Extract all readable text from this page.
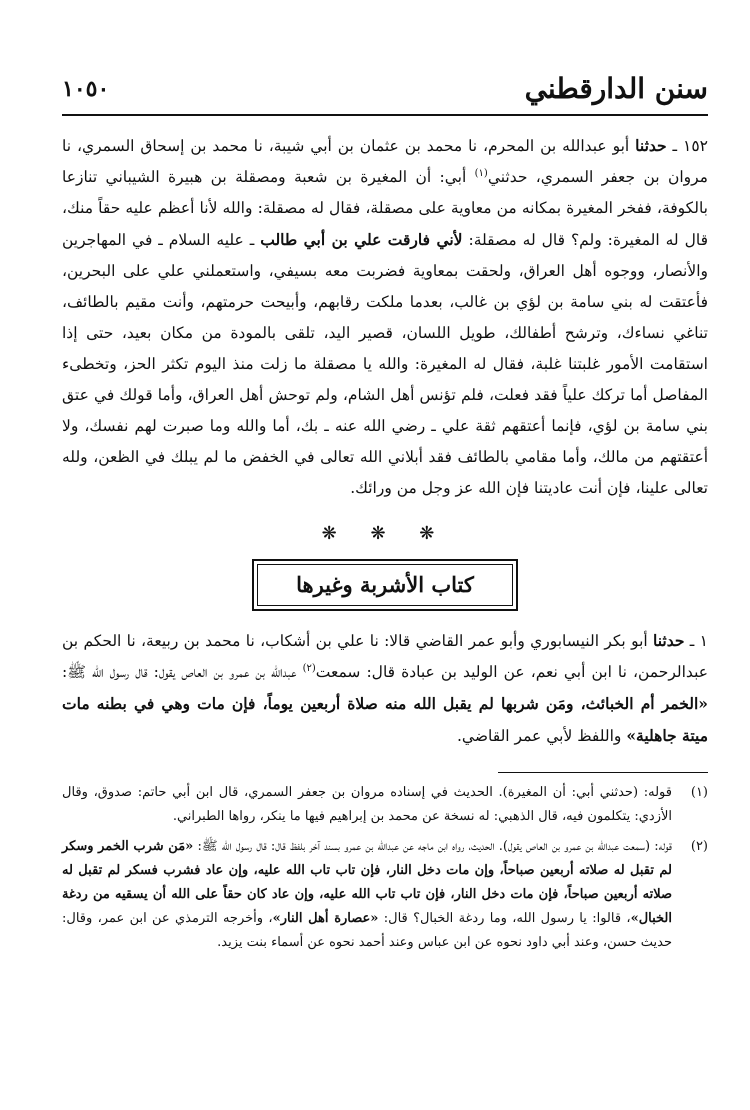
سنن الدارقطني
١٠٥٠

١٥٢ ـ حدثنا أبو عبدالله بن المحرم، نا محمد بن عثمان بن أبي شيبة، نا محمد بن إسحاق السمري، نا مروان بن جعفر السمري، حدثني$^{(١)}$ أبي: أن المغيرة بن شعبة ومصقلة بن هبيرة الشيباني تنازعا بالكوفة، ففخر المغيرة بمكانه من معاوية على مصقلة، فقال له مصقلة: والله لأنا أعظم عليه حقاً منك، قال له المغيرة: ولم؟ قال له مصقلة: لأني فارقت علي بن أبي طالب ـ عليه السلام ـ في المهاجرين والأنصار، ووجوه أهل العراق، ولحقت بمعاوية فضربت معه بسيفي، واستعملني علي على البحرين، فأعتقت له بني سامة بن لؤي بن غالب، بعدما ملكت رقابهم، وأبيحت حرمتهم، وأنت مقيم بالطائف، تناغي نساءك، وترشح أطفالك، طويل اللسان، قصير اليد، تلقى بالمودة من مكان بعيد، حتى إذا استقامت الأمور غلبتنا غلبة، فقال له المغيرة: والله يا مصقلة ما زلت منذ اليوم تكثر الحز، وتخطىء المفاصل أما تركك علياً فقد فعلت، فلم تؤنس أهل الشام، ولم توحش أهل العراق، وأما قولك في عتق بني سامة بن لؤي، فإنما أعتقهم ثقة علي ـ رضي الله عنه ـ بك، أما والله وما صبرت لهم نفسك، ولا أعتقتهم من مالك، وأما مقامي بالطائف فقد أبلاني الله تعالى في الخفض ما لم يبلك في الظعن، ولله تعالى علينا، فإن أنت عاديتنا فإن الله عز وجل من ورائك.

❋ ❋ ❋
كتاب الأشربة وغيرها

١ ـ حدثنا أبو بكر النيسابوري وأبو عمر القاضي قالا: نا علي بن أشكاب، نا محمد بن ربيعة، نا الحكم بن عبدالرحمن، نا ابن أبي نعم، عن الوليد بن عبادة قال: سمعت$^{(٢)}$ عبدالله بن عمرو بن العاص يقول: قال رسول الله ﷺ: «الخمر أم الخبائث، ومَن شربها لم يقبل الله منه صلاة أربعين يوماً، فإن مات وهي في بطنه مات ميتة جاهلية» واللفظ لأبي عمر القاضي.

(١)
قوله: (حدثني أبي: أن المغيرة). الحديث في إسناده مروان بن جعفر السمري، قال ابن أبي حاتم: صدوق، وقال الأزدي: يتكلمون فيه، قال الذهبي: له نسخة عن محمد بن إبراهيم فيها ما ينكر، رواها الطبراني.
(٢)
قوله: (سمعت عبدالله بن عمرو بن العاص يقول). الحديث، رواه ابن ماجه عن عبدالله بن عمرو بسند آخر بلفظ قال: قال رسول الله ﷺ: «مَن شرب الخمر وسكر لم تقبل له صلاته أربعين صباحاً، وإن مات دخل النار، فإن تاب تاب الله عليه، وإن عاد فشرب فسكر لم تقبل له صلاته أربعين صباحاً، فإن مات دخل النار، فإن تاب تاب الله عليه، وإن عاد كان حقاً على الله أن يسقيه من ردغة الخبال»، قالوا: يا رسول الله، وما ردغة الخبال؟ قال: «عصارة أهل النار»، وأخرجه الترمذي عن ابن عمر، وقال: حديث حسن، وعند أبي داود نحوه عن ابن عباس وعند أحمد نحوه عن أسماء بنت يزيد.
